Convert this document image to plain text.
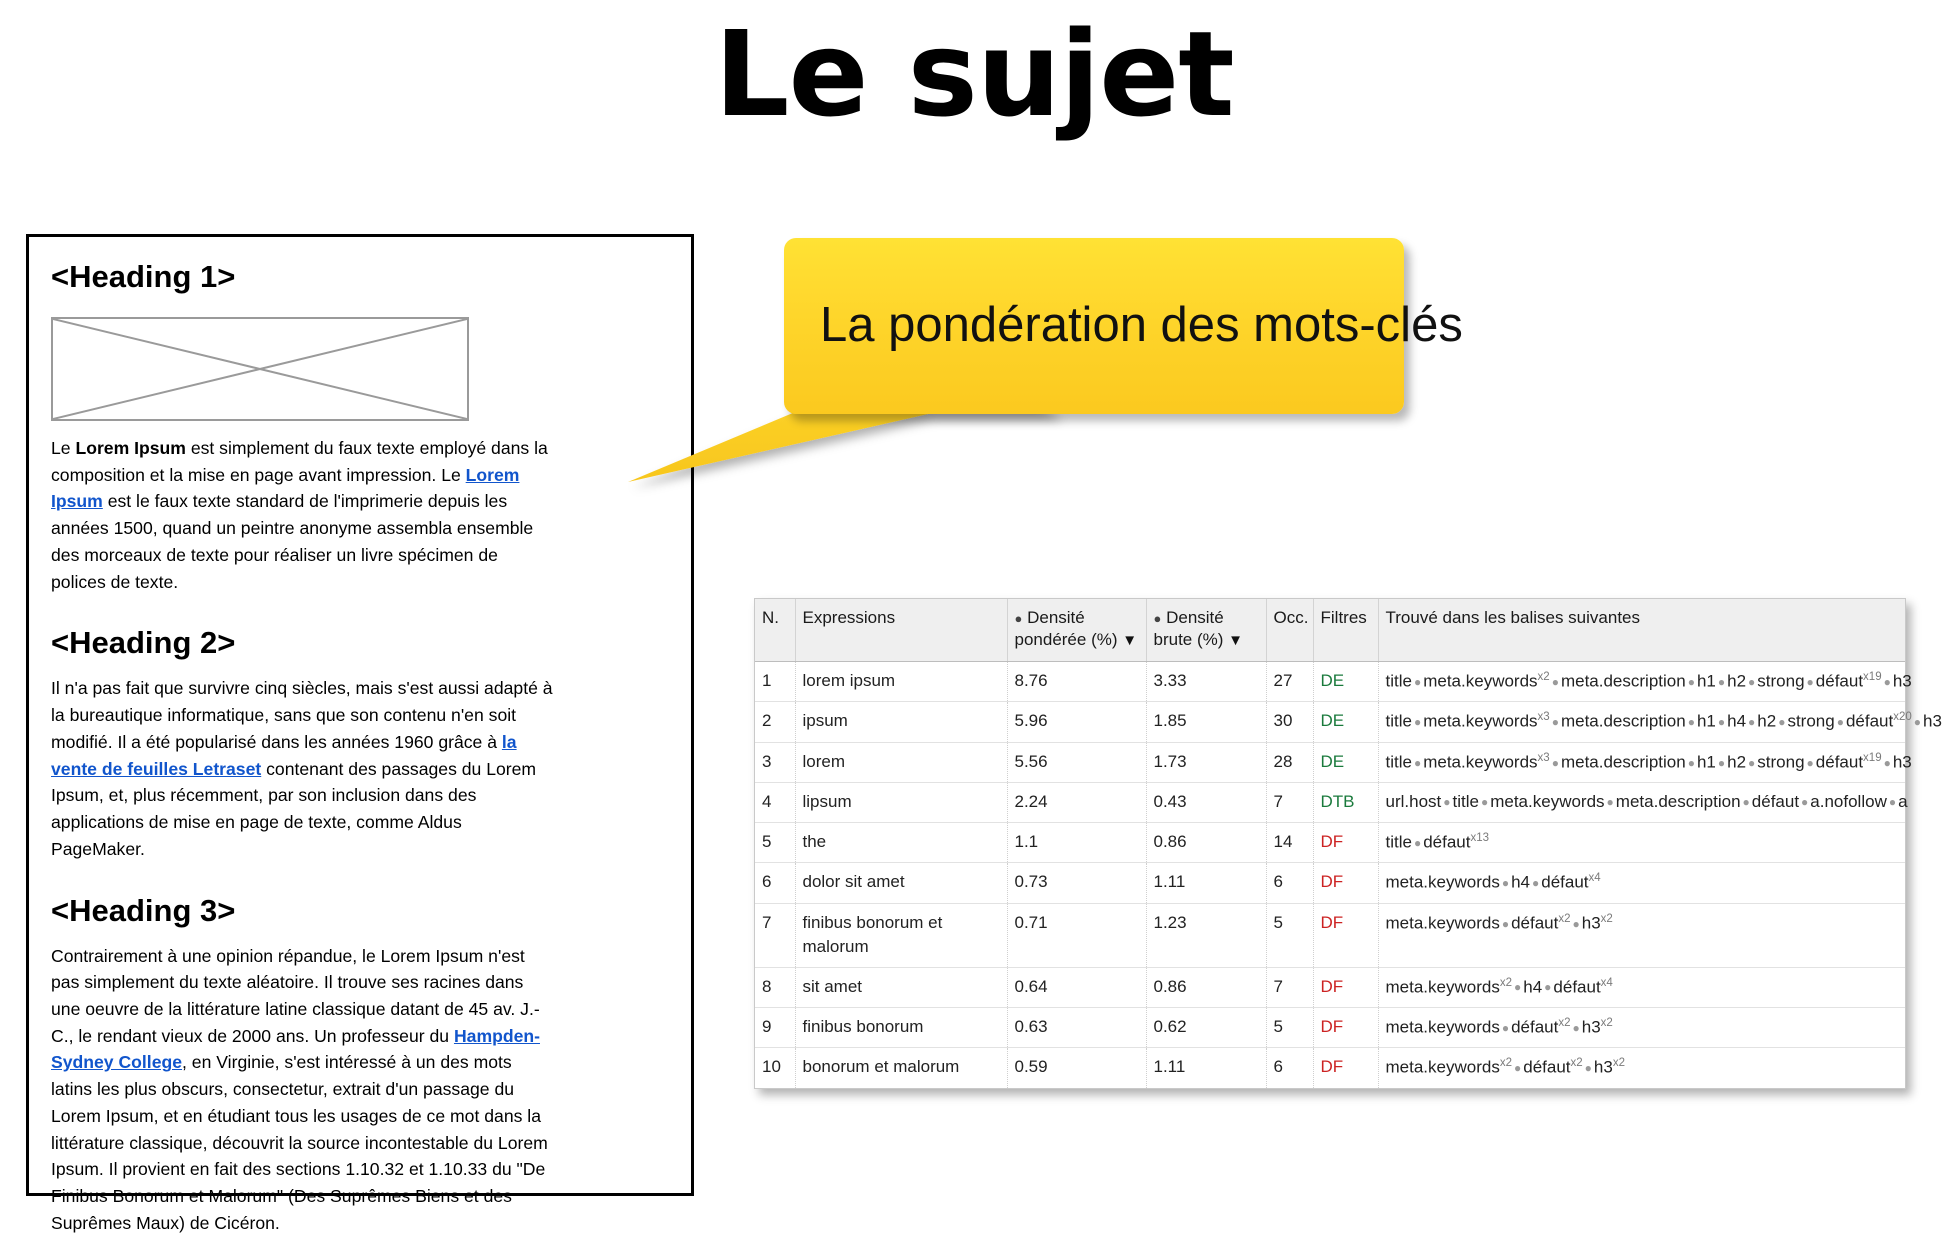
Le sujet
<Heading 1>

Le Lorem Ipsum est simplement du faux texte employé dans la composition et la mise en page avant impression. Le Lorem Ipsum est le faux texte standard de l'imprimerie depuis les années 1500, quand un peintre anonyme assembla ensemble des morceaux de texte pour réaliser un livre spécimen de polices de texte.

<Heading 2>

Il n'a pas fait que survivre cinq siècles, mais s'est aussi adapté à la bureautique informatique, sans que son contenu n'en soit modifié. Il a été popularisé dans les années 1960 grâce à la vente de feuilles Letraset contenant des passages du Lorem Ipsum, et, plus récemment, par son inclusion dans des applications de mise en page de texte, comme Aldus PageMaker.

<Heading 3>

Contrairement à une opinion répandue, le Lorem Ipsum n'est pas simplement du texte aléatoire. Il trouve ses racines dans une oeuvre de la littérature latine classique datant de 45 av. J.-C., le rendant vieux de 2000 ans. Un professeur du Hampden-Sydney College, en Virginie, s'est intéressé à un des mots latins les plus obscurs, consectetur, extrait d'un passage du Lorem Ipsum, et en étudiant tous les usages de ce mot dans la littérature classique, découvrit la source incontestable du Lorem Ipsum. Il provient en fait des sections 1.10.32 et 1.10.33 du "De Finibus Bonorum et Malorum" (Des Suprêmes Biens et des Suprêmes Maux) de Cicéron.

La pondération des mots-clés
N.	Expressions	● Densité pondérée (%) ▼	● Densité brute (%) ▼	Occ.	Filtres	Trouvé dans les balises suivantes
1	lorem ipsum	8.76	3.33	27	DE	title ● meta.keywords$^{x2}$ ● meta.description ● h1 ● h2 ● strong ● défaut$^{x19}$ ● h3
2	ipsum	5.96	1.85	30	DE	title ● meta.keywords$^{x3}$ ● meta.description ● h1 ● h4 ● h2 ● strong ● défaut$^{x20}$ ● h3
3	lorem	5.56	1.73	28	DE	title ● meta.keywords$^{x3}$ ● meta.description ● h1 ● h2 ● strong ● défaut$^{x19}$ ● h3
4	lipsum	2.24	0.43	7	DTB	url.host ● title ● meta.keywords ● meta.description ● défaut ● a.nofollow ● a
5	the	1.1	0.86	14	DF	title ● défaut$^{x13}$
6	dolor sit amet	0.73	1.11	6	DF	meta.keywords ● h4 ● défaut$^{x4}$
7	finibus bonorum et malorum	0.71	1.23	5	DF	meta.keywords ● défaut$^{x2}$ ● $h3^{x2}$
8	sit amet	0.64	0.86	7	DF	meta.keywords$^{x2}$ ● h4 ● défaut$^{x4}$
9	finibus bonorum	0.63	0.62	5	DF	meta.keywords ● défaut$^{x2}$ ● $h3^{x2}$
10	bonorum et malorum	0.59	1.11	6	DF	meta.keywords$^{x2}$ ● défaut$^{x2}$ ● $h3^{x2}$
